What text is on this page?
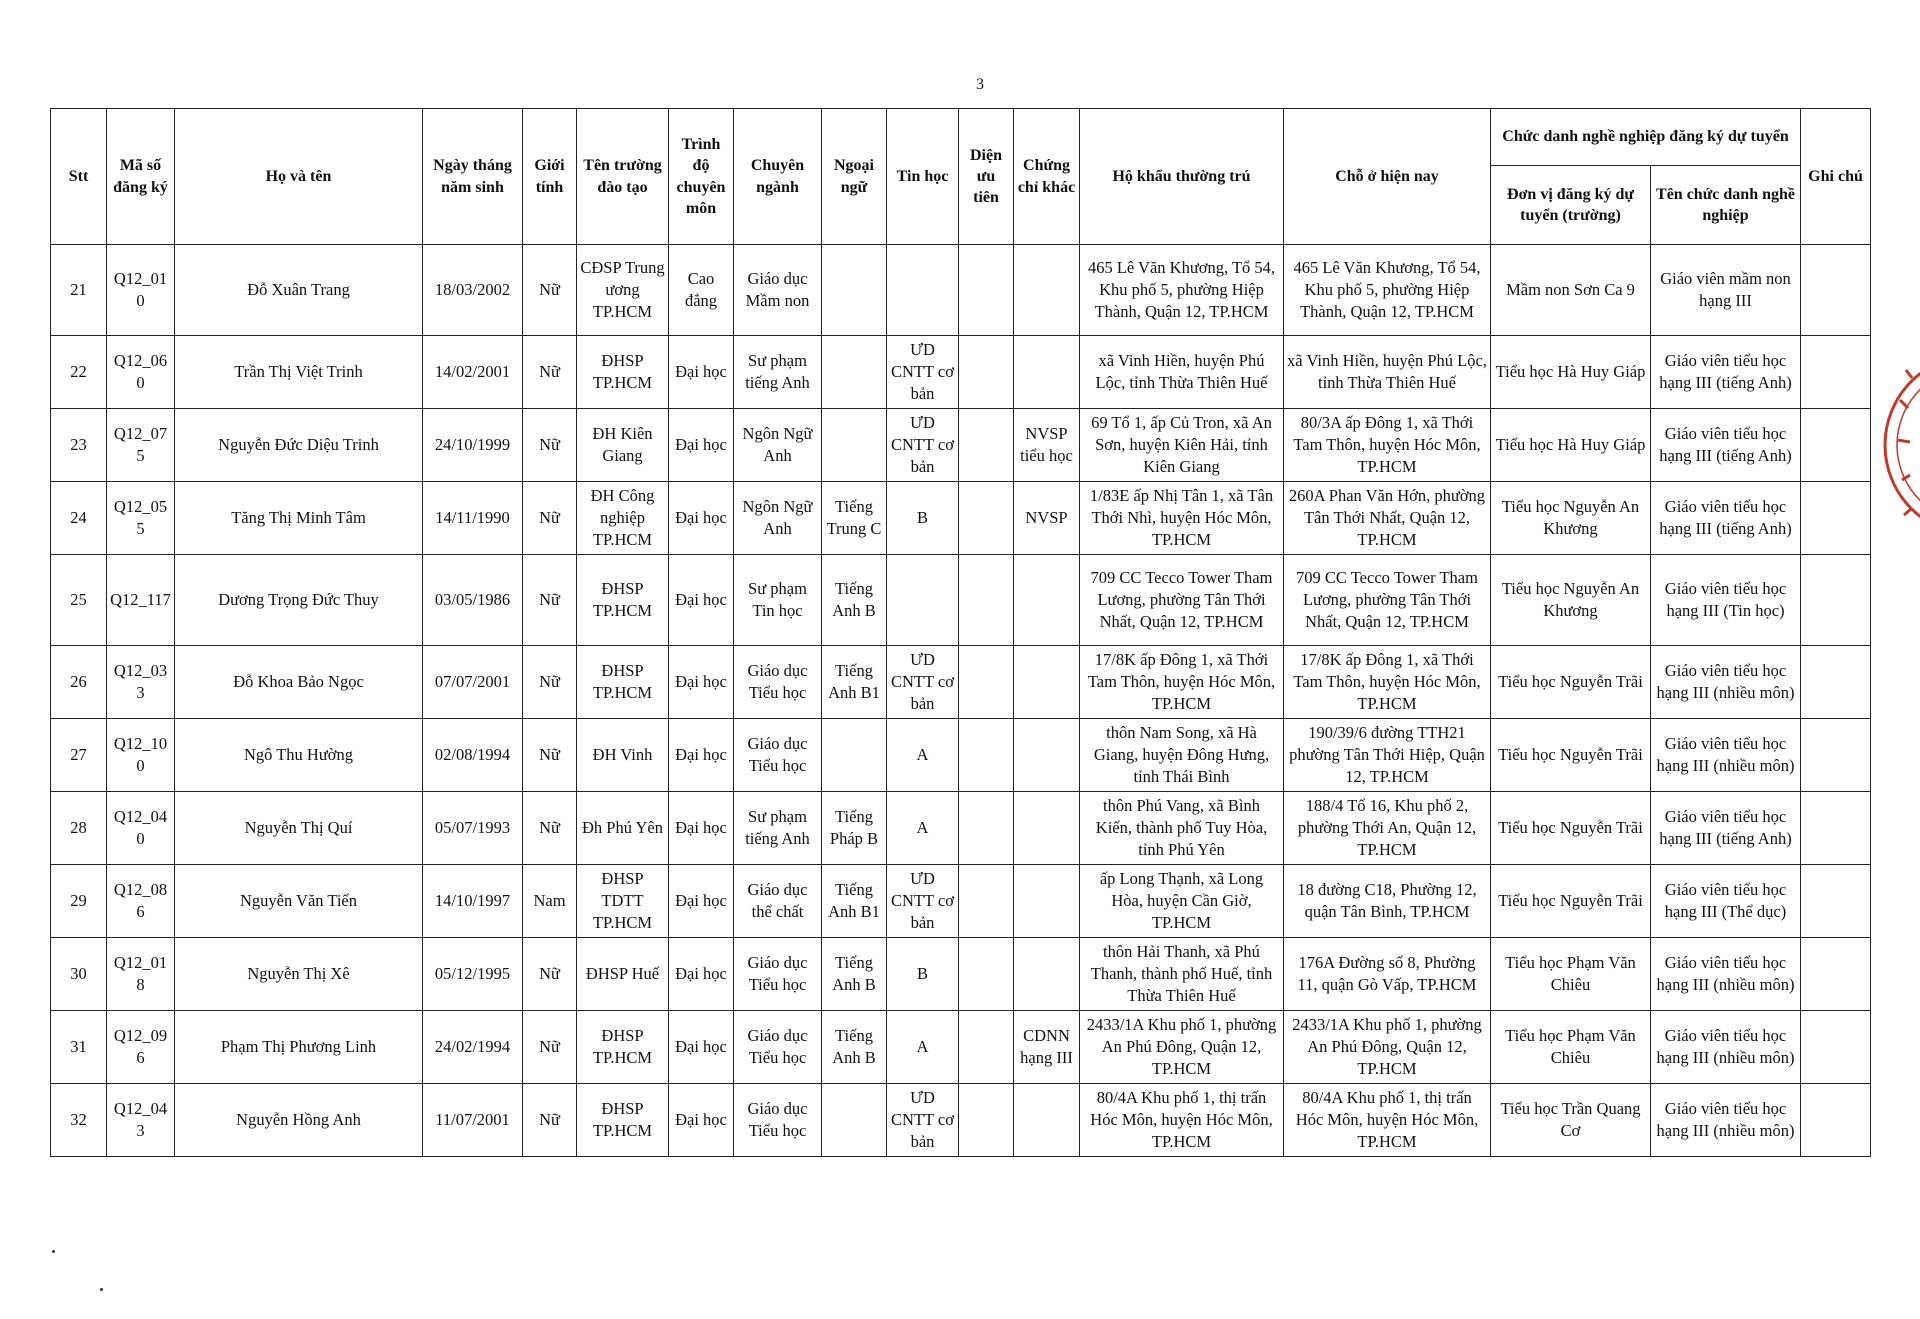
3
Stt	Mã số đăng ký	Họ và tên	Ngày tháng năm sinh	Giới tính	Tên trường đào tạo	Trình độ chuyên môn	Chuyên ngành	Ngoại ngữ	Tin học	Diện ưu tiên	Chứng chỉ khác	Hộ khẩu thường trú	Chỗ ở hiện nay	Chức danh nghề nghiệp đăng ký dự tuyển		Ghi chú
														Đơn vị đăng ký dự tuyển (trường)	Tên chức danh nghề nghiệp	
21	Q12_010	Đỗ Xuân Trang	18/03/2002	Nữ	CĐSP Trung ương TP.HCM	Cao đẳng	Giáo dục Mầm non					465 Lê Văn Khương, Tổ 54, Khu phố 5, phường Hiệp Thành, Quận 12, TP.HCM	465 Lê Văn Khương, Tổ 54, Khu phố 5, phường Hiệp Thành, Quận 12, TP.HCM	Mầm non Sơn Ca 9	Giáo viên mầm non hạng III	
22	Q12_060	Trần Thị Việt Trinh	14/02/2001	Nữ	ĐHSP TP.HCM	Đại học	Sư phạm tiếng Anh		ƯD CNTT cơ bản			xã Vinh Hiền, huyện Phú Lộc, tỉnh Thừa Thiên Huế	xã Vinh Hiền, huyện Phú Lộc, tỉnh Thừa Thiên Huế	Tiểu học Hà Huy Giáp	Giáo viên tiểu học hạng III (tiếng Anh)	
23	Q12_075	Nguyễn Đức Diệu Trinh	24/10/1999	Nữ	ĐH Kiên Giang	Đại học	Ngôn Ngữ Anh		ƯD CNTT cơ bản		NVSP tiểu học	69 Tổ 1, ấp Củ Tron, xã An Sơn, huyện Kiên Hải, tỉnh Kiên Giang	80/3A ấp Đông 1, xã Thới Tam Thôn, huyện Hóc Môn, TP.HCM	Tiểu học Hà Huy Giáp	Giáo viên tiểu học hạng III (tiếng Anh)	
24	Q12_055	Tăng Thị Minh Tâm	14/11/1990	Nữ	ĐH Công nghiệp TP.HCM	Đại học	Ngôn Ngữ Anh	Tiếng Trung C	B		NVSP	1/83E ấp Nhị Tân 1, xã Tân Thới Nhì, huyện Hóc Môn, TP.HCM	260A Phan Văn Hớn, phường Tân Thới Nhất, Quận 12, TP.HCM	Tiểu học Nguyễn An Khương	Giáo viên tiểu học hạng III (tiếng Anh)	
25	Q12_117	Dương Trọng Đức Thuy	03/05/1986	Nữ	ĐHSP TP.HCM	Đại học	Sư phạm Tin học	Tiếng Anh B				709 CC Tecco Tower Tham Lương, phường Tân Thới Nhất, Quận 12, TP.HCM	709 CC Tecco Tower Tham Lương, phường Tân Thới Nhất, Quận 12, TP.HCM	Tiểu học Nguyễn An Khương	Giáo viên tiểu học hạng III (Tin học)	
26	Q12_033	Đỗ Khoa Bảo Ngọc	07/07/2001	Nữ	ĐHSP TP.HCM	Đại học	Giáo dục Tiểu học	Tiếng Anh B1	ƯD CNTT cơ bản			17/8K ấp Đông 1, xã Thới Tam Thôn, huyện Hóc Môn, TP.HCM	17/8K ấp Đông 1, xã Thới Tam Thôn, huyện Hóc Môn, TP.HCM	Tiểu học Nguyễn Trãi	Giáo viên tiểu học hạng III (nhiều môn)	
27	Q12_100	Ngô Thu Hường	02/08/1994	Nữ	ĐH Vinh	Đại học	Giáo dục Tiểu học		A			thôn Nam Song, xã Hà Giang, huyện Đông Hưng, tỉnh Thái Bình	190/39/6 đường TTH21 phường Tân Thới Hiệp, Quận 12, TP.HCM	Tiểu học Nguyễn Trãi	Giáo viên tiểu học hạng III (nhiều môn)	
28	Q12_040	Nguyễn Thị Quí	05/07/1993	Nữ	Đh Phú Yên	Đại học	Sư phạm tiếng Anh	Tiếng Pháp B	A			thôn Phú Vang, xã Bình Kiến, thành phố Tuy Hòa, tỉnh Phú Yên	188/4 Tổ 16, Khu phố 2, phường Thới An, Quận 12, TP.HCM	Tiểu học Nguyễn Trãi	Giáo viên tiểu học hạng III (tiếng Anh)	
29	Q12_086	Nguyễn Văn Tiến	14/10/1997	Nam	ĐHSP TDTT TP.HCM	Đại học	Giáo dục thể chất	Tiếng Anh B1	ƯD CNTT cơ bản			ấp Long Thạnh, xã Long Hòa, huyện Cần Giờ, TP.HCM	18 đường C18, Phường 12, quận Tân Bình, TP.HCM	Tiểu học Nguyễn Trãi	Giáo viên tiểu học hạng III (Thể dục)	
30	Q12_018	Nguyễn Thị Xê	05/12/1995	Nữ	ĐHSP Huế	Đại học	Giáo dục Tiểu học	Tiếng Anh B	B			thôn Hải Thanh, xã Phú Thanh, thành phố Huế, tỉnh Thừa Thiên Huế	176A Đường số 8, Phường 11, quận Gò Vấp, TP.HCM	Tiểu học Phạm Văn Chiêu	Giáo viên tiểu học hạng III (nhiều môn)	
31	Q12_096	Phạm Thị Phương Linh	24/02/1994	Nữ	ĐHSP TP.HCM	Đại học	Giáo dục Tiểu học	Tiếng Anh B	A		CDNN hạng III	2433/1A Khu phố 1, phường An Phú Đông, Quận 12, TP.HCM	2433/1A Khu phố 1, phường An Phú Đông, Quận 12, TP.HCM	Tiểu học Phạm Văn Chiêu	Giáo viên tiểu học hạng III (nhiều môn)	
32	Q12_043	Nguyễn Hồng Anh	11/07/2001	Nữ	ĐHSP TP.HCM	Đại học	Giáo dục Tiểu học		ƯD CNTT cơ bản			80/4A Khu phố 1, thị trấn Hóc Môn, huyện Hóc Môn, TP.HCM	80/4A Khu phố 1, thị trấn Hóc Môn, huyện Hóc Môn, TP.HCM	Tiểu học Trần Quang Cơ	Giáo viên tiểu học hạng III (nhiều môn)	
